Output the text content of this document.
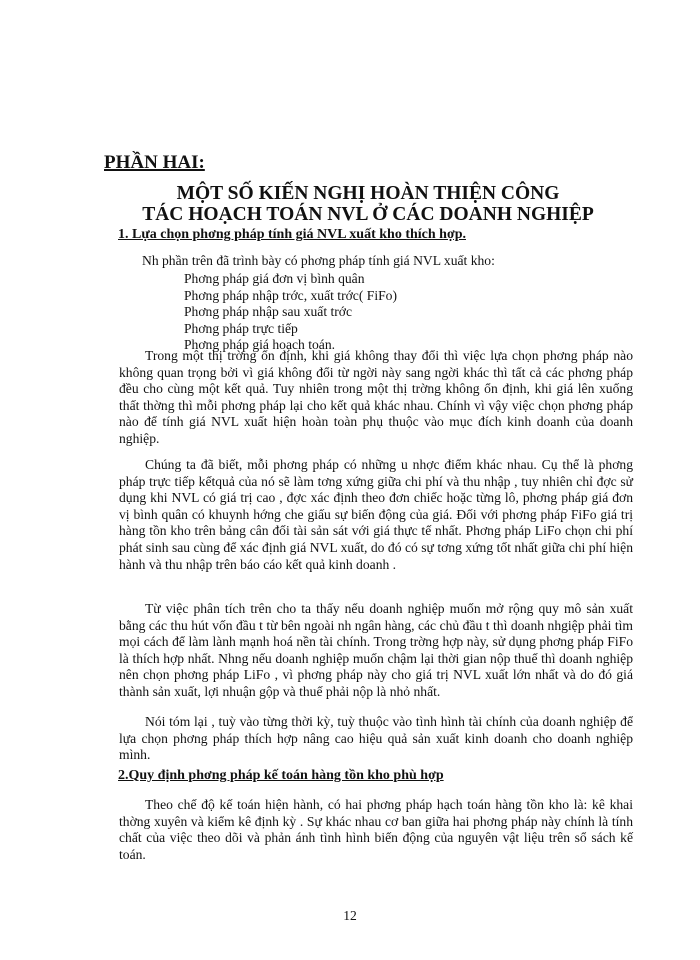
PHẦN HAI:
MỘT SỐ KIẾN NGHỊ HOÀN THIỆN CÔNG
TÁC HOẠCH TOÁN NVL Ở CÁC DOANH NGHIỆP
1. Lựa chọn phơng pháp tính giá NVL xuất kho thích hợp.

Nh phần trên đã trình bày có phơng pháp tính giá NVL xuất kho:

Phơng pháp giá đơn vị bình quân
Phơng pháp nhập trớc, xuất trớc( FiFo)
Phơng pháp nhập sau xuất trớc
Phơng pháp trực tiếp
Phơng pháp giá hoạch toán.

Trong một thị trờng ổn định, khi giá không thay đổi thì việc lựa chọn phơng pháp nào không quan trọng bởi vì giá không đổi từ ngời này sang ngời khác thì tất cả các phơng pháp đều cho cùng một kết quả. Tuy nhiên trong một thị trờng không ổn định, khi giá lên xuống thất thờng thì mỗi phơng pháp lại cho kết quả khác nhau. Chính vì vậy việc chọn phơng pháp nào để tính giá NVL xuất hiện hoàn toàn phụ thuộc vào mục đích kinh doanh của doanh nghiệp.

Chúng ta đã biết, mỗi phơng pháp có những u nhợc điểm khác nhau. Cụ thể là phơng pháp trực tiếp kếtquả của nó sẽ làm tơng xứng giữa chi phí và thu nhập , tuy nhiên chỉ đợc sử dụng khi NVL có giá trị cao , đợc xác định theo đơn chiếc hoặc từng lô, phơng pháp giá đơn vị bình quân có khuynh hớng che giấu sự biến động của giá. Đối với phơng pháp FiFo giá trị hàng tồn kho trên bảng cân đối tài sản sát với giá thực tế nhất. Phơng pháp LiFo chọn chi phí phát sinh sau cùng để xác định giá NVL xuất, do đó có sự tơng xứng tốt nhất giữa chi phí hiện hành và thu nhập trên báo cáo kết quả kinh doanh .

Từ việc phân tích trên cho ta thấy nếu doanh nghiệp muốn mở rộng quy mô sản xuất bằng các thu hút vốn đầu t từ bên ngoài nh ngân hàng, các chủ đầu t thì doanh nhgiệp phải tìm mọi cách để làm lành mạnh hoá nền tài chính. Trong trờng hợp này, sử dụng phơng pháp FiFo là thích hợp nhất. Nhng nếu doanh nghiệp muốn chậm lại thời gian nộp thuế thì doanh nghiệp nên chọn phơng pháp LiFo , vì phơng pháp này cho giá trị NVL xuất lớn nhất và do đó giá thành sản xuất, lợi nhuận gộp và thuế phải nộp là nhỏ nhất.

Nói tóm lại , tuỳ vào từng thời kỳ, tuỳ thuộc vào tình hình tài chính của doanh nghiệp để lựa chọn phơng pháp thích hợp nâng cao hiệu quả sản xuất kinh doanh cho doanh nghiệp mình.

2.Quy định phơng pháp kế toán hàng tồn kho phù hợp

Theo chế độ kế toán hiện hành, có hai phơng pháp hạch toán hàng tồn kho là: kê khai thờng xuyên và kiểm kê định kỳ . Sự khác nhau cơ ban giữa hai phơng pháp này chính là tính chất của việc theo dõi và phản ánh tình hình biến động của nguyên vật liệu trên sổ sách kế toán.

12
